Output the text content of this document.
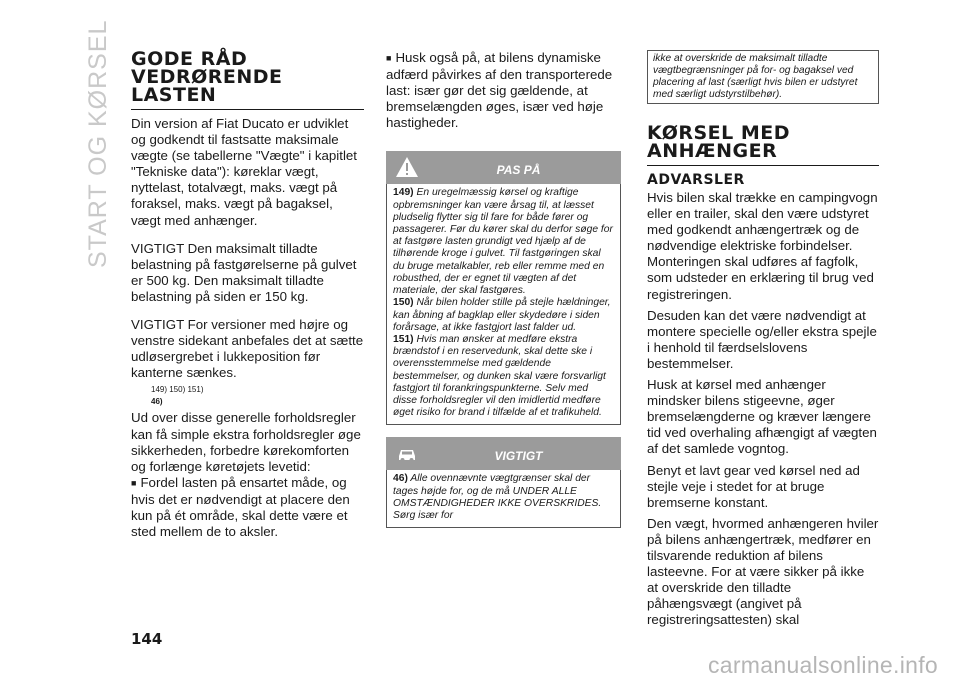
START OG KØRSEL GODE RÅD VEDRØRENDE LASTEN

Din version af Fiat Ducato er udviklet og godkendt til fastsatte maksimale vægte (se tabellerne "Vægte" i kapitlet "Tekniske data"): køreklar vægt, nyttelast, totalvægt, maks. vægt på foraksel, maks. vægt på bagaksel, vægt med anhænger.

VIGTIGT Den maksimalt tilladte belastning på fastgørelserne på gulvet er 500 kg. Den maksimalt tilladte belastning på siden er 150 kg.

VIGTIGT For versioner med højre og venstre sidekant anbefales det at sætte udløsergrebet i lukkeposition før kanterne sænkes.

149) 150) 151)
46)

Ud over disse generelle forholdsregler kan få simple ekstra forholdsregler øge sikkerheden, forbedre kørekomforten og forlænge køretøjets levetid:

■ Fordel lasten på ensartet måde, og hvis det er nødvendigt at placere den kun på ét område, skal dette være et sted mellem de to aksler.

■ Husk også på, at bilens dynamiske adfærd påvirkes af den transporterede last: især gør det sig gældende, at bremselængden øges, især ved høje hastigheder.

PAS PÅ

149) En uregelmæssig kørsel og kraftige opbremsninger kan være årsag til, at læsset pludselig flytter sig til fare for både fører og passagerer. Før du kører skal du derfor søge for at fastgøre lasten grundigt ved hjælp af de tilhørende kroge i gulvet. Til fastgøringen skal du bruge metalkabler, reb eller remme med en robusthed, der er egnet til vægten af det materiale, der skal fastgøres.

150) Når bilen holder stille på stejle hældninger, kan åbning af bagklap eller skydedøre i siden forårsage, at ikke fastgjort last falder ud.

151) Hvis man ønsker at medføre ekstra brændstof i en reservedunk, skal dette ske i overensstemmelse med gældende bestemmelser, og dunken skal være forsvarligt fastgjort til forankringspunkterne. Selv med disse forholdsregler vil den imidlertid medføre øget risiko for brand i tilfælde af et trafikuheld.

VIGTIGT

46) Alle ovennævnte vægtgrænser skal der tages højde for, og de må UNDER ALLE OMSTÆNDIGHEDER IKKE OVERSKRIDES. Sørg især for

ikke at overskride de maksimalt tilladte vægtbegrænsninger på for- og bagaksel ved placering af last (særligt hvis bilen er udstyret med særligt udstyrstilbehør).

KØRSEL MED ANHÆNGER
ADVARSLER

Hvis bilen skal trække en campingvogn eller en trailer, skal den være udstyret med godkendt anhængertræk og de nødvendige elektriske forbindelser. Monteringen skal udføres af fagfolk, som udsteder en erklæring til brug ved registreringen.

Desuden kan det være nødvendigt at montere specielle og/eller ekstra spejle i henhold til færdselslovens bestemmelser.

Husk at kørsel med anhænger mindsker bilens stigeevne, øger bremselængderne og kræver længere tid ved overhaling afhængigt af vægten af det samlede vogntog.

Benyt et lavt gear ved kørsel ned ad stejle veje i stedet for at bruge bremserne konstant.

Den vægt, hvormed anhængeren hviler på bilens anhængertræk, medfører en tilsvarende reduktion af bilens lasteevne. For at være sikker på ikke at overskride den tilladte påhængsvægt (angivet på registreringsattesten) skal

144
carmanualsonline.info
